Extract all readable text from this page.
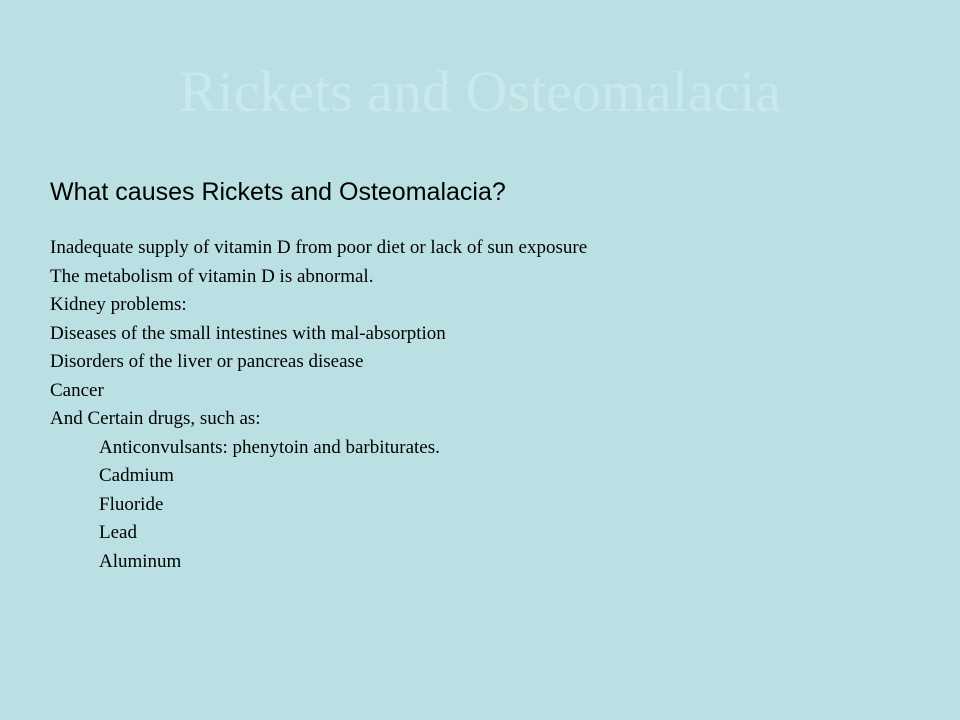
Rickets and Osteomalacia
What causes Rickets and Osteomalacia?
Inadequate supply of vitamin D from poor diet or lack of sun exposure
The metabolism of vitamin D is abnormal.
Kidney problems:
Diseases of the small intestines with mal-absorption
Disorders of the liver or pancreas disease
Cancer
And Certain drugs, such as:
Anticonvulsants: phenytoin and barbiturates.
Cadmium
Fluoride
Lead
Aluminum
